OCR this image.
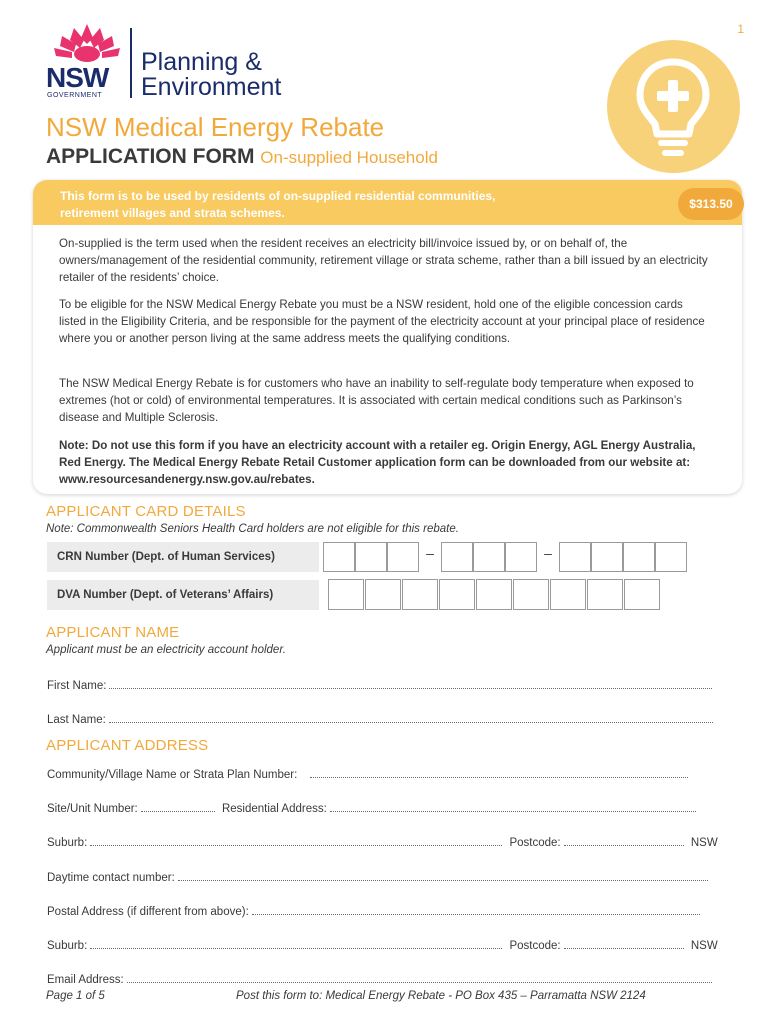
1
NSW
GOVERNMENT
Planning &
Environment
NSW Medical Energy Rebate
APPLICATION FORM On-supplied Household
This form is to be used by residents of on-supplied residential communities, retirement villages and strata schemes.
$313.50
On-supplied is the term used when the resident receives an electricity bill/invoice issued by, or on behalf of, the owners/management of the residential community, retirement village or strata scheme, rather than a bill issued by an electricity retailer of the residents’ choice.
To be eligible for the NSW Medical Energy Rebate you must be a NSW resident, hold one of the eligible concession cards listed in the Eligibility Criteria, and be responsible for the payment of the electricity account at your principal place of residence where you or another person living at the same address meets the qualifying conditions.
The NSW Medical Energy Rebate is for customers who have an inability to self-regulate body temperature when exposed to extremes (hot or cold) of environmental temperatures. It is associated with certain medical conditions such as Parkinson’s disease and Multiple Sclerosis.
Note: Do not use this form if you have an electricity account with a retailer eg. Origin Energy, AGL Energy Australia, Red Energy. The Medical Energy Rebate Retail Customer application form can be downloaded from our website at: www.resourcesandenergy.nsw.gov.au/rebates.
APPLICANT CARD DETAILS
Note: Commonwealth Seniors Health Card holders are not eligible for this rebate.
CRN Number (Dept. of Human Services)	–	–
DVA Number (Dept. of Veterans’ Affairs)
APPLICANT NAME
Applicant must be an electricity account holder.
First Name:
Last Name:
APPLICANT ADDRESS
Community/Village Name or Strata Plan Number:
Site/Unit Number:	Residential Address:
Suburb:	Postcode:	NSW
Daytime contact number:
Postal Address (if different from above):
Suburb:	Postcode:	NSW
Email Address:
Page 1 of 5	Post this form to: Medical Energy Rebate - PO Box 435 – Parramatta NSW 2124
